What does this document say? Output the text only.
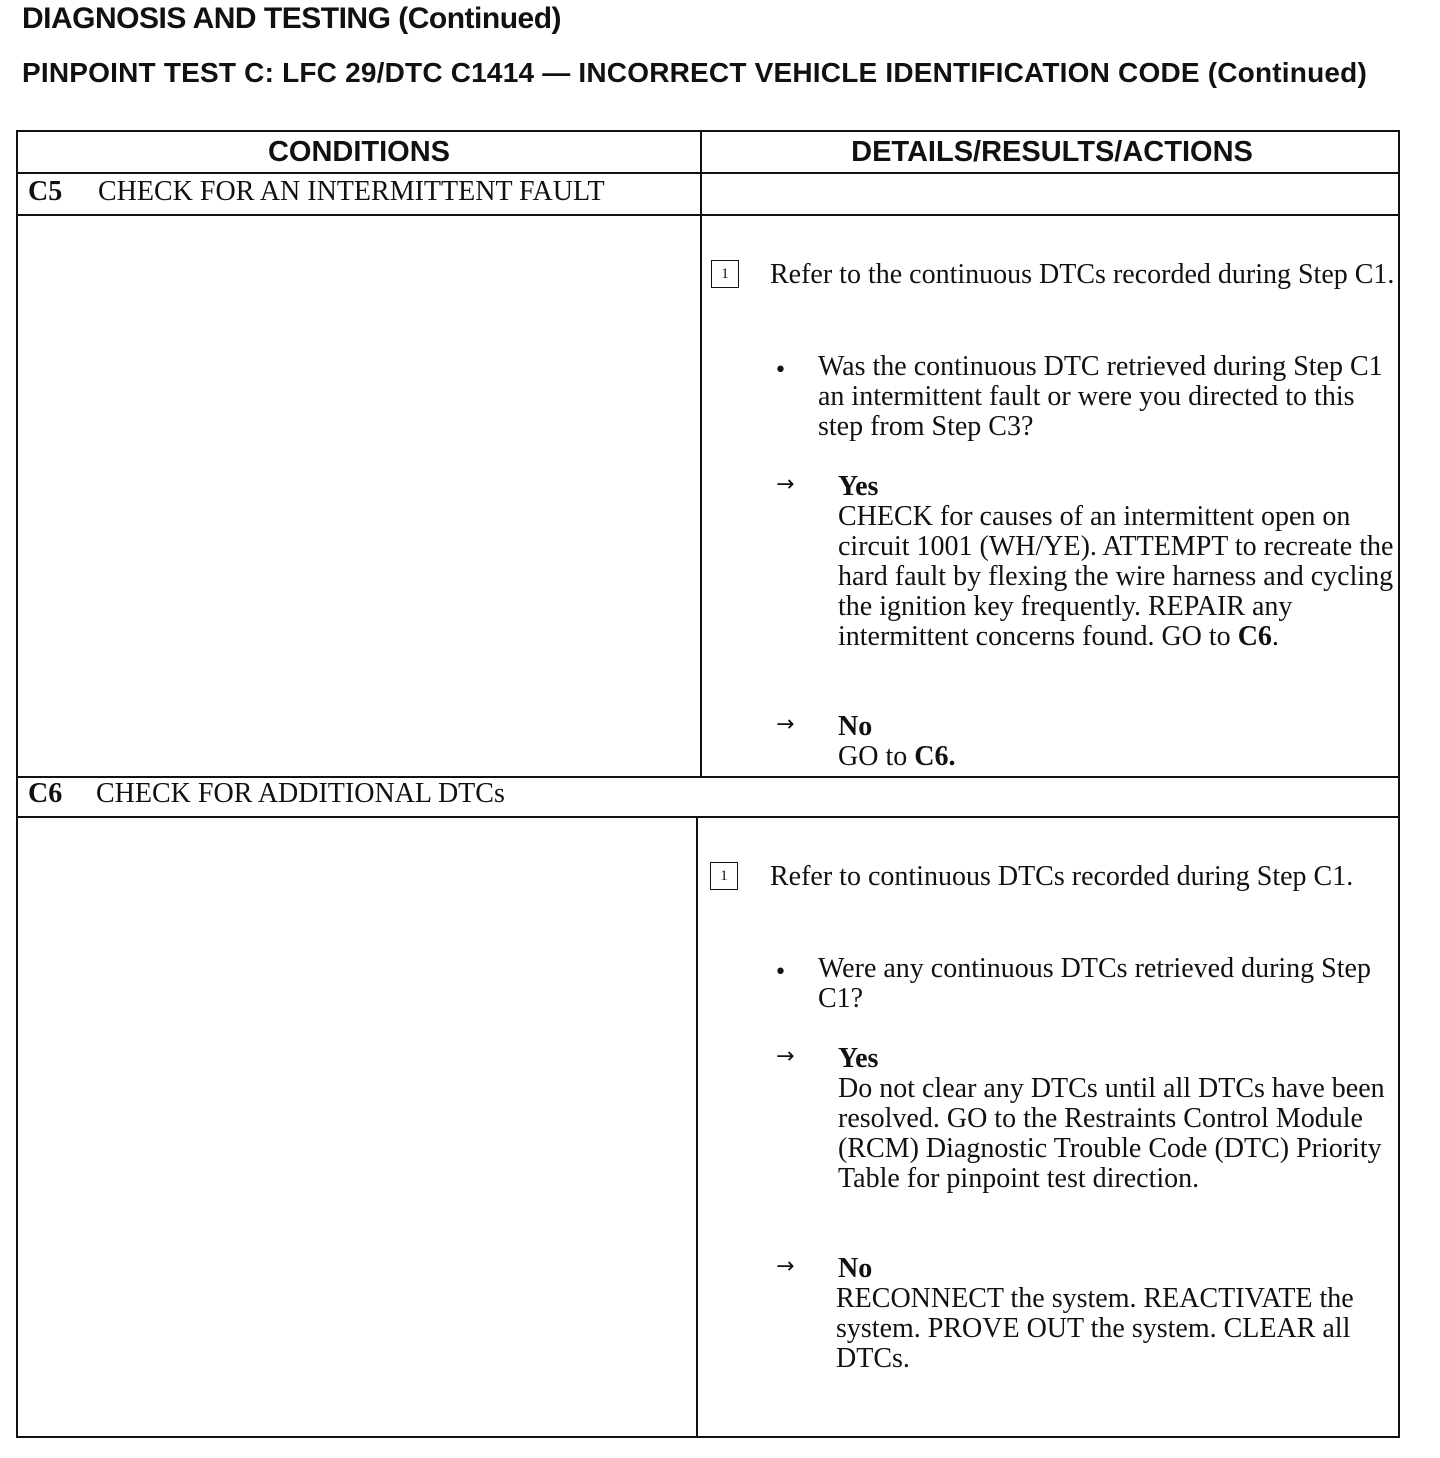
DIAGNOSIS AND TESTING (Continued)
PINPOINT TEST C: LFC 29/DTC C1414 — INCORRECT VEHICLE IDENTIFICATION CODE (Continued)
CONDITIONS	DETAILS/RESULTS/ACTIONS
C5 CHECK FOR AN INTERMITTENT FAULT
1	Refer to the continuous DTCs recorded during Step C1.
• Was the continuous DTC retrieved during Step C1 an intermittent fault or were you directed to this step from Step C3?
→ Yes
CHECK for causes of an intermittent open on circuit 1001 (WH/YE). ATTEMPT to recreate the hard fault by flexing the wire harness and cycling the ignition key frequently. REPAIR any intermittent concerns found. GO to C6.
→ No
GO to C6.
C6 CHECK FOR ADDITIONAL DTCs
1	Refer to continuous DTCs recorded during Step C1.
• Were any continuous DTCs retrieved during Step C1?
→ Yes
Do not clear any DTCs until all DTCs have been resolved. GO to the Restraints Control Module (RCM) Diagnostic Trouble Code (DTC) Priority Table for pinpoint test direction.
→ No
RECONNECT the system. REACTIVATE the system. PROVE OUT the system. CLEAR all DTCs.
